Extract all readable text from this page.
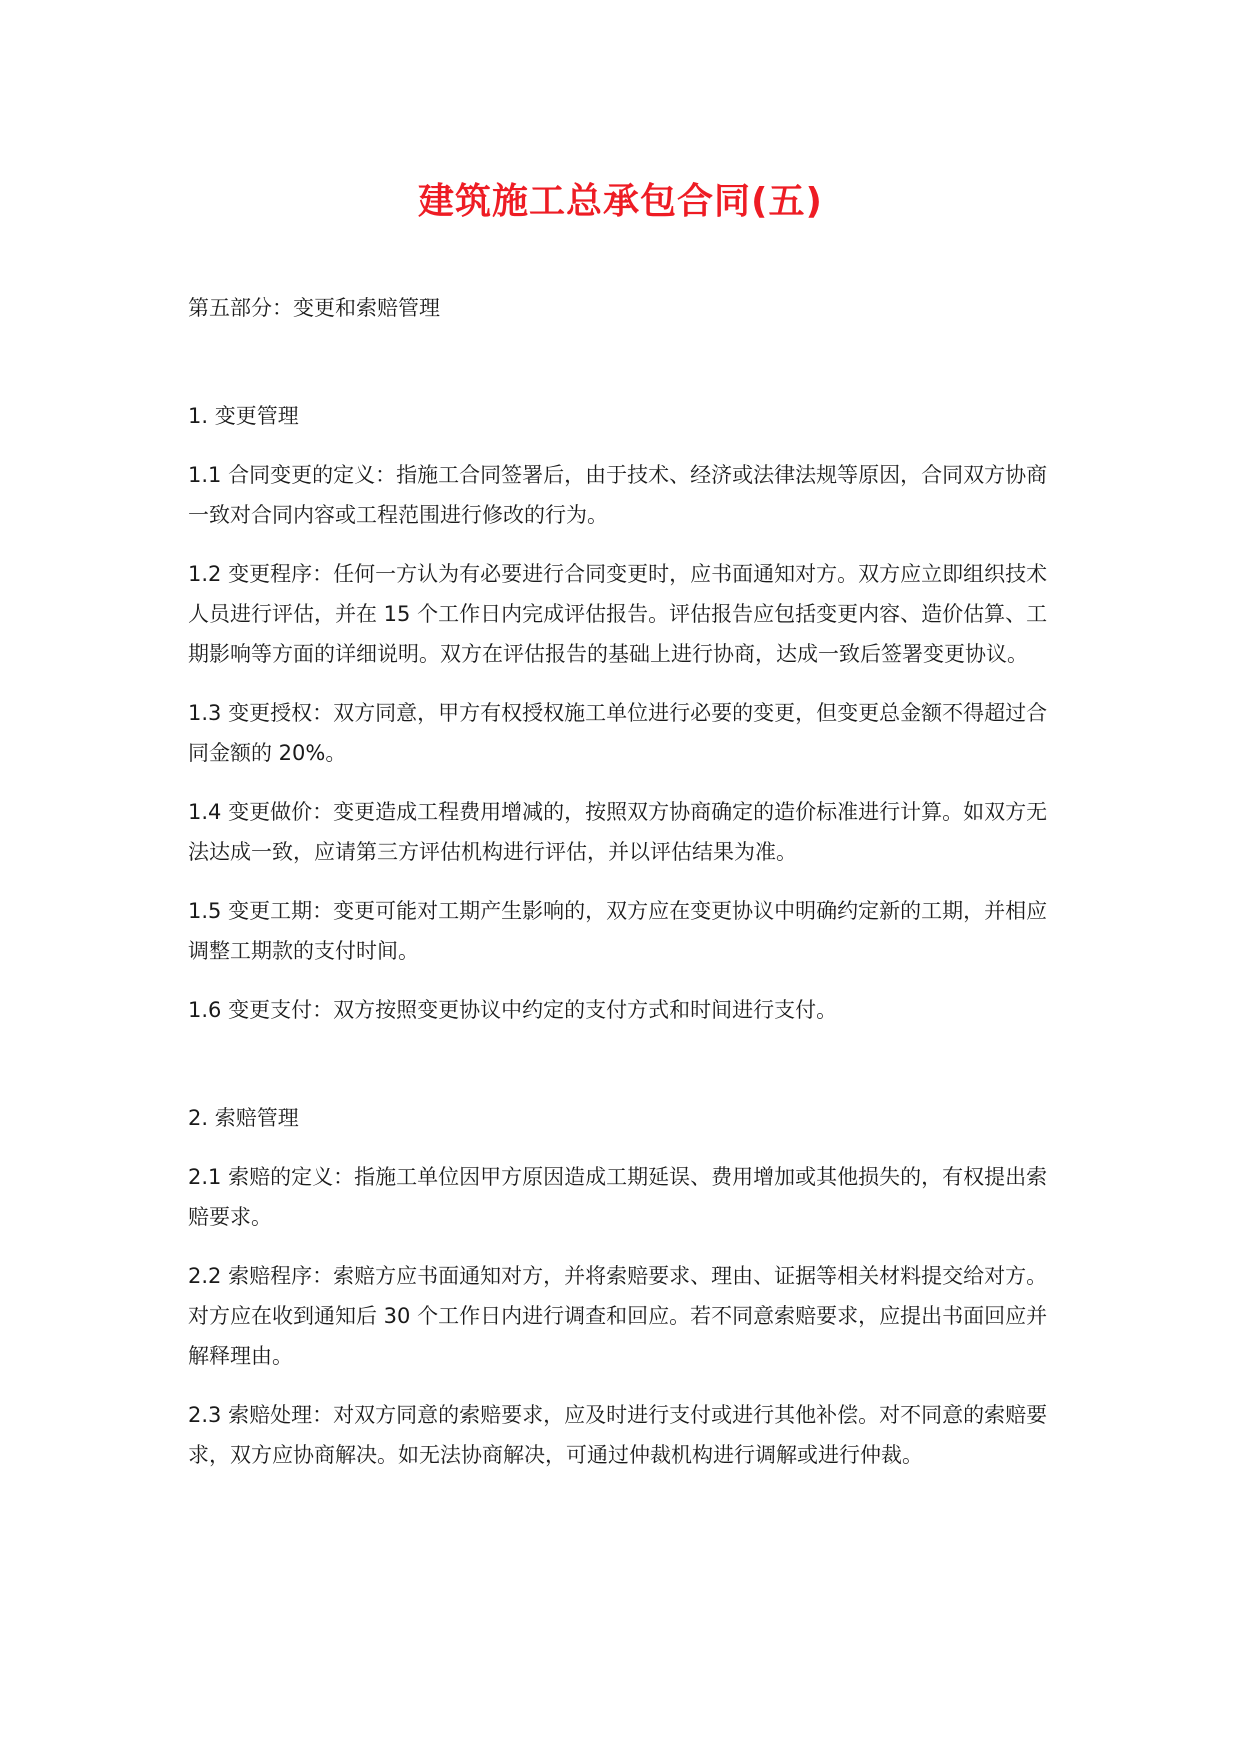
建筑施工总承包合同(五)

第五部分：变更和索赔管理

1. 变更管理

1.1 合同变更的定义：指施工合同签署后，由于技术、经济或法律法规等原因，合同双方协商一致对合同内容或工程范围进行修改的行为。

1.2 变更程序：任何一方认为有必要进行合同变更时，应书面通知对方。双方应立即组织技术人员进行评估，并在 15 个工作日内完成评估报告。评估报告应包括变更内容、造价估算、工期影响等方面的详细说明。双方在评估报告的基础上进行协商，达成一致后签署变更协议。

1.3 变更授权：双方同意，甲方有权授权施工单位进行必要的变更，但变更总金额不得超过合同金额的 20%。

1.4 变更做价：变更造成工程费用增减的，按照双方协商确定的造价标准进行计算。如双方无法达成一致，应请第三方评估机构进行评估，并以评估结果为准。

1.5 变更工期：变更可能对工期产生影响的，双方应在变更协议中明确约定新的工期，并相应调整工期款的支付时间。

1.6 变更支付：双方按照变更协议中约定的支付方式和时间进行支付。

2. 索赔管理

2.1 索赔的定义：指施工单位因甲方原因造成工期延误、费用增加或其他损失的，有权提出索赔要求。

2.2 索赔程序：索赔方应书面通知对方，并将索赔要求、理由、证据等相关材料提交给对方。对方应在收到通知后 30 个工作日内进行调查和回应。若不同意索赔要求，应提出书面回应并解释理由。

2.3 索赔处理：对双方同意的索赔要求，应及时进行支付或进行其他补偿。对不同意的索赔要求，双方应协商解决。如无法协商解决，可通过仲裁机构进行调解或进行仲裁。
